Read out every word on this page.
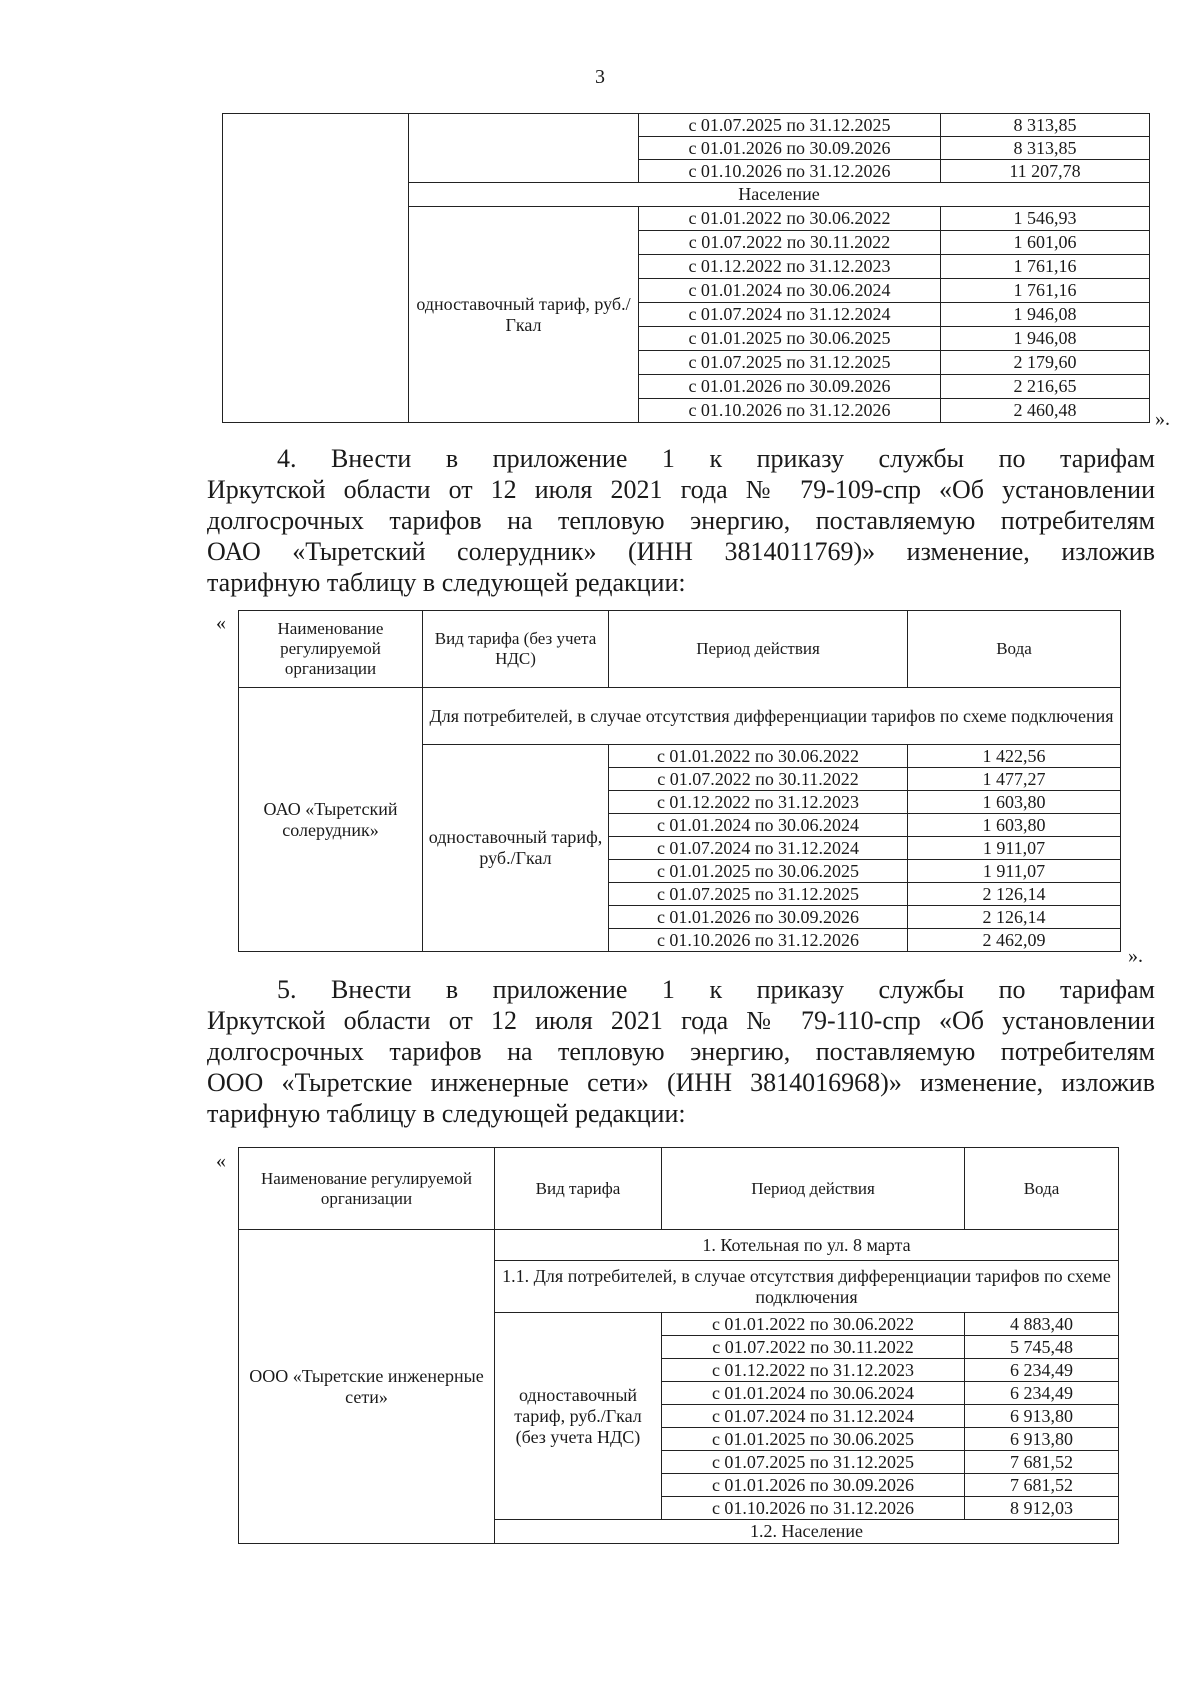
3
		с 01.07.2025 по 31.12.2025	8 313,85
		с 01.01.2026 по 30.09.2026	8 313,85
		с 01.10.2026 по 31.12.2026	11 207,78
	Население		
	одноставочный тариф, руб./Гкал	с 01.01.2022 по 30.06.2022	1 546,93
		с 01.07.2022 по 30.11.2022	1 601,06
		с 01.12.2022 по 31.12.2023	1 761,16
		с 01.01.2024 по 30.06.2024	1 761,16
		с 01.07.2024 по 31.12.2024	1 946,08
		с 01.01.2025 по 30.06.2025	1 946,08
		с 01.07.2025 по 31.12.2025	2 179,60
		с 01.01.2026 по 30.09.2026	2 216,65
		с 01.10.2026 по 31.12.2026	2 460,48	».
4. Внести в приложение 1 к приказу службы по тарифам
Иркутской области от 12 июля 2021 года № 79-109-спр «Об установлении
долгосрочных тарифов на тепловую энергию, поставляемую потребителям
ОАО «Тыретский солерудник» (ИНН 3814011769)» изменение, изложив
тарифную таблицу в следующей редакции:
«	Наименование регулируемой организации	Вид тарифа (без учета НДС)	Период действия	Вода
ОАО «Тыретский солерудник»	Для потребителей, в случае отсутствия дифференциации тарифов по схеме подключения		
	одноставочный тариф, руб./Гкал	с 01.01.2022 по 30.06.2022	1 422,56
		с 01.07.2022 по 30.11.2022	1 477,27
		с 01.12.2022 по 31.12.2023	1 603,80
		с 01.01.2024 по 30.06.2024	1 603,80
		с 01.07.2024 по 31.12.2024	1 911,07
		с 01.01.2025 по 30.06.2025	1 911,07
		с 01.07.2025 по 31.12.2025	2 126,14
		с 01.01.2026 по 30.09.2026	2 126,14
		с 01.10.2026 по 31.12.2026	2 462,09
».
5. Внести в приложение 1 к приказу службы по тарифам
Иркутской области от 12 июля 2021 года № 79-110-спр «Об установлении
долгосрочных тарифов на тепловую энергию, поставляемую потребителям
ООО «Тыретские инженерные сети» (ИНН 3814016968)» изменение, изложив
тарифную таблицу в следующей редакции:
«
Наименование регулируемой организации	Вид тарифа	Период действия	Вода
ООО «Тыретские инженерные сети»	1. Котельная по ул. 8 марта		
	1.1. Для потребителей, в случае отсутствия дифференциации тарифов по схеме подключения		
	одноставочный тариф, руб./Гкал (без учета НДС)	с 01.01.2022 по 30.06.2022	4 883,40
		с 01.07.2022 по 30.11.2022	5 745,48
		с 01.12.2022 по 31.12.2023	6 234,49
		с 01.01.2024 по 30.06.2024	6 234,49
		с 01.07.2024 по 31.12.2024	6 913,80
		с 01.01.2025 по 30.06.2025	6 913,80
		с 01.07.2025 по 31.12.2025	7 681,52
		с 01.01.2026 по 30.09.2026	7 681,52
		с 01.10.2026 по 31.12.2026	8 912,03
	1.2. Население		
